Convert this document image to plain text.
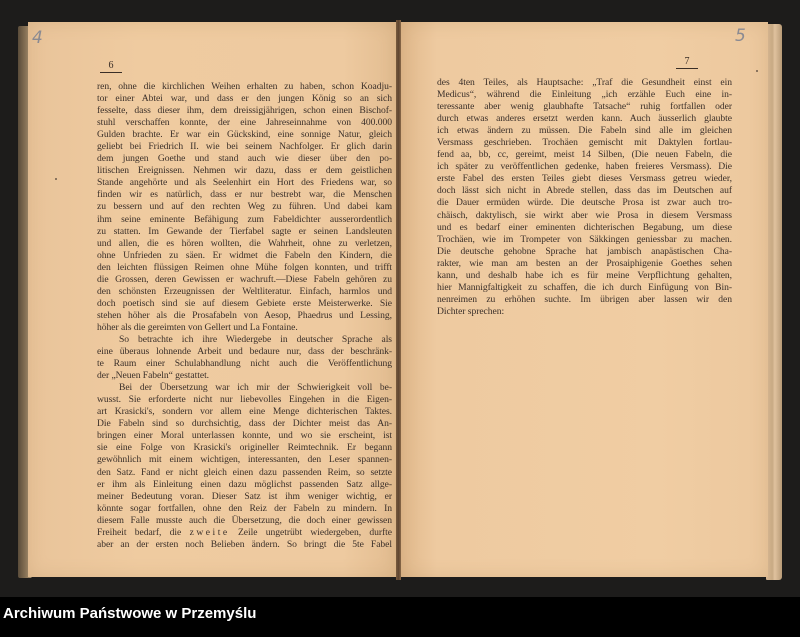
4	5
6	7
ren, ohne die kirchlichen Weihen erhalten zu haben, schon Koadju-
tor einer Abtei war, und dass er den jungen König so an sich
fesselte, dass dieser ihm, dem dreissigjährigen, schon einen Bischof-
stuhl verschaffen konnte, der eine Jahreseinnahme von 400.000
Gulden brachte. Er war ein Gückskind, eine sonnige Natur, gleich
geliebt bei Friedrich II. wie bei seinem Nachfolger. Er glich darin
dem jungen Goethe und stand auch wie dieser über den po-
litischen Ereignissen. Nehmen wir dazu, dass er dem geistlichen
Stande angehörte und als Seelenhirt ein Hort des Friedens war, so
finden wir es natürlich, dass er nur bestrebt war, die Menschen
zu bessern und auf den rechten Weg zu führen. Und dabei kam
ihm seine eminente Befähigung zum Fabeldichter ausserordentlich
zu statten. Im Gewande der Tierfabel sagte er seinen Landsleuten
und allen, die es hören wollten, die Wahrheit, ohne zu verletzen,
ohne Unfrieden zu säen. Er widmet die Fabeln den Kindern, die
den leichten flüssigen Reimen ohne Mühe folgen konnten, und trifft
die Grossen, deren Gewissen er wachruft.—Diese Fabeln gehören zu
den schönsten Erzeugnissen der Weltliteratur. Einfach, harmlos und
doch poetisch sind sie auf diesem Gebiete erste Meisterwerke. Sie
stehen höher als die Prosafabeln von Aesop, Phaedrus und Lessing,
höher als die gereimten von Gellert und La Fontaine.
So betrachte ich ihre Wiedergebe in deutscher Sprache als
eine überaus lohnende Arbeit und bedaure nur, dass der beschränk-
te Raum einer Schulabhandlung nicht auch die Veröffentlichung
der „Neuen Fabeln“ gestattet.
Bei der Übersetzung war ich mir der Schwierigkeit voll be-
wusst. Sie erforderte nicht nur liebevolles Eingehen in die Eigen-
art Krasicki's, sondern vor allem eine Menge dichterischen Taktes.
Die Fabeln sind so durchsichtig, dass der Dichter meist das An-
bringen einer Moral unterlassen konnte, und wo sie erscheint, ist
sie eine Folge von Krasicki's origineller Reimtechnik. Er begann
gewöhnlich mit einem wichtigen, interessanten, den Leser spannen-
den Satz. Fand er nicht gleich einen dazu passenden Reim, so setzte
er ihm als Einleitung einen dazu möglichst passenden Satz allge-
meiner Bedeutung voran. Dieser Satz ist ihm weniger wichtig, er
könnte sogar fortfallen, ohne den Reiz der Fabeln zu mindern. In
diesem Falle musste auch die Übersetzung, die doch einer gewissen
Freiheit bedarf, die zweite Zeile ungetrübt wiedergeben, durfte
aber an der ersten noch Belieben ändern. So bringt die 5te Fabel
des 4ten Teiles, als Hauptsache: „Traf die Gesundheit einst ein
Medicus“, während die Einleitung „ich erzähle Euch eine in-
teressante aber wenig glaubhafte Tatsache“ ruhig fortfallen oder
durch etwas anderes ersetzt werden kann. Auch äusserlich glaubte
ich etwas ändern zu müssen. Die Fabeln sind alle im gleichen
Versmass geschrieben. Trochäen gemischt mit Daktylen fortlau-
fend aa, bb, cc, gereimt, meist 14 Silben, (Die neuen Fabeln, die
ich später zu veröffentlichen gedenke, haben freieres Versmass). Die
erste Fabel des ersten Teiles giebt dieses Versmass getreu wieder,
doch lässt sich nicht in Abrede stellen, dass das im Deutschen auf
die Dauer ermüden würde. Die deutsche Prosa ist zwar auch tro-
chäisch, daktylisch, sie wirkt aber wie Prosa in diesem Versmass
und es bedarf einer eminenten dichterischen Begabung, um diese
Trochäen, wie im Trompeter von Säkkingen geniessbar zu machen.
Die deutsche gehobne Sprache hat jambisch anapästischen Cha-
rakter, wie man am besten an der Prosaiphigenie Goethes sehen
kann, und deshalb habe ich es für meine Verpflichtung gehalten,
hier Mannigfaltigkeit zu schaffen, die ich durch Einfügung von Bin-
nenreimen zu erhöhen suchte. Im übrigen aber lassen wir den
Dichter sprechen:
Archiwum Państwowe w Przemyślu
